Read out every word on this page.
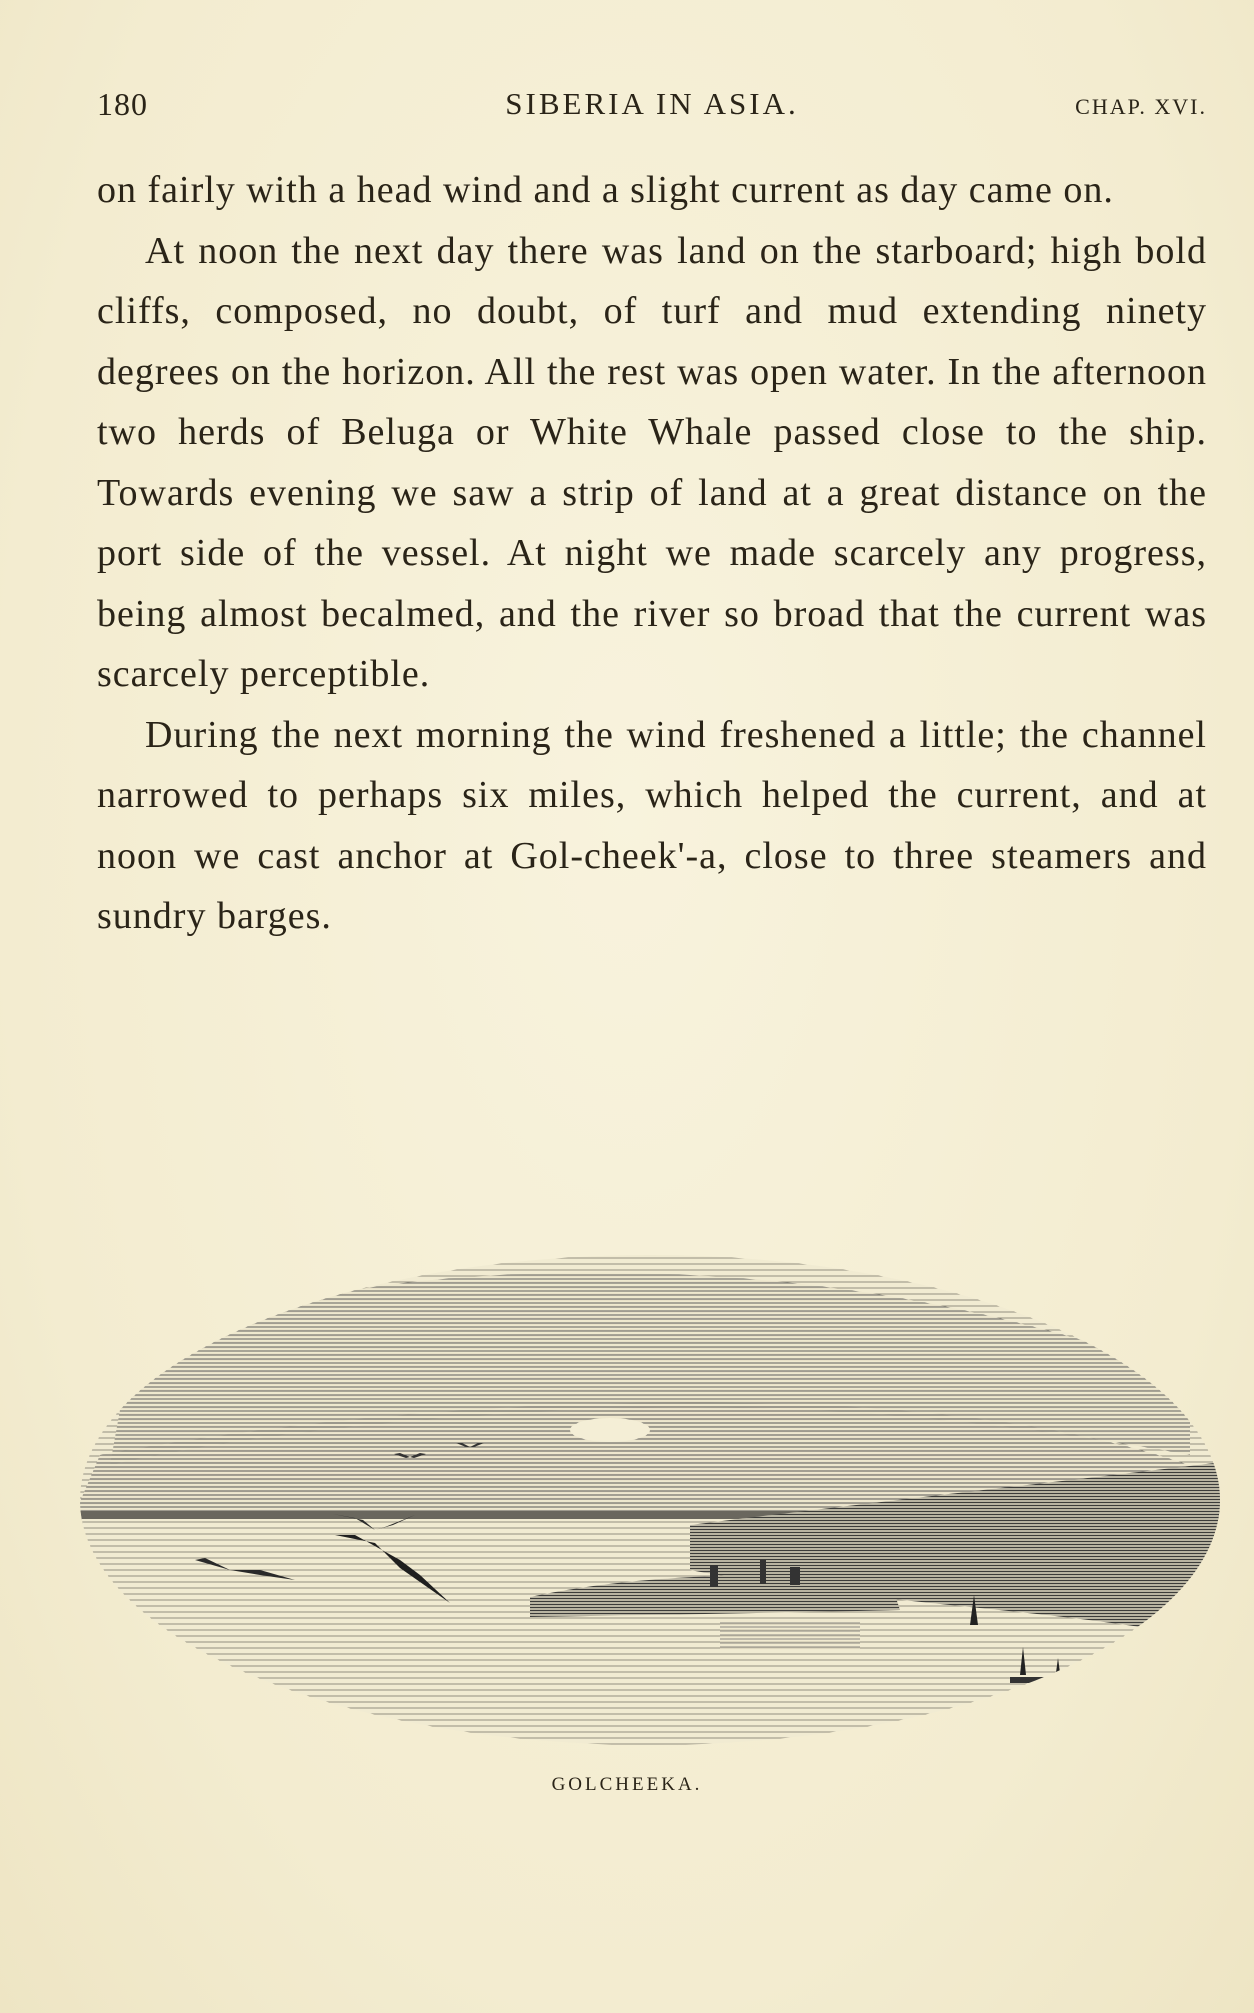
180	SIBERIA IN ASIA.	CHAP. XVI.

on fairly with a head wind and a slight current as day came on.

At noon the next day there was land on the starboard; high bold cliffs, composed, no doubt, of turf and mud extending ninety degrees on the horizon. All the rest was open water. In the afternoon two herds of Beluga or White Whale passed close to the ship. Towards evening we saw a strip of land at a great distance on the port side of the vessel. At night we made scarcely any progress, being almost becalmed, and the river so broad that the current was scarcely perceptible.

During the next morning the wind freshened a little; the channel narrowed to perhaps six miles, which helped the current, and at noon we cast anchor at Gol-cheek'-a, close to three steamers and sundry barges.

GOLCHEEKA.
